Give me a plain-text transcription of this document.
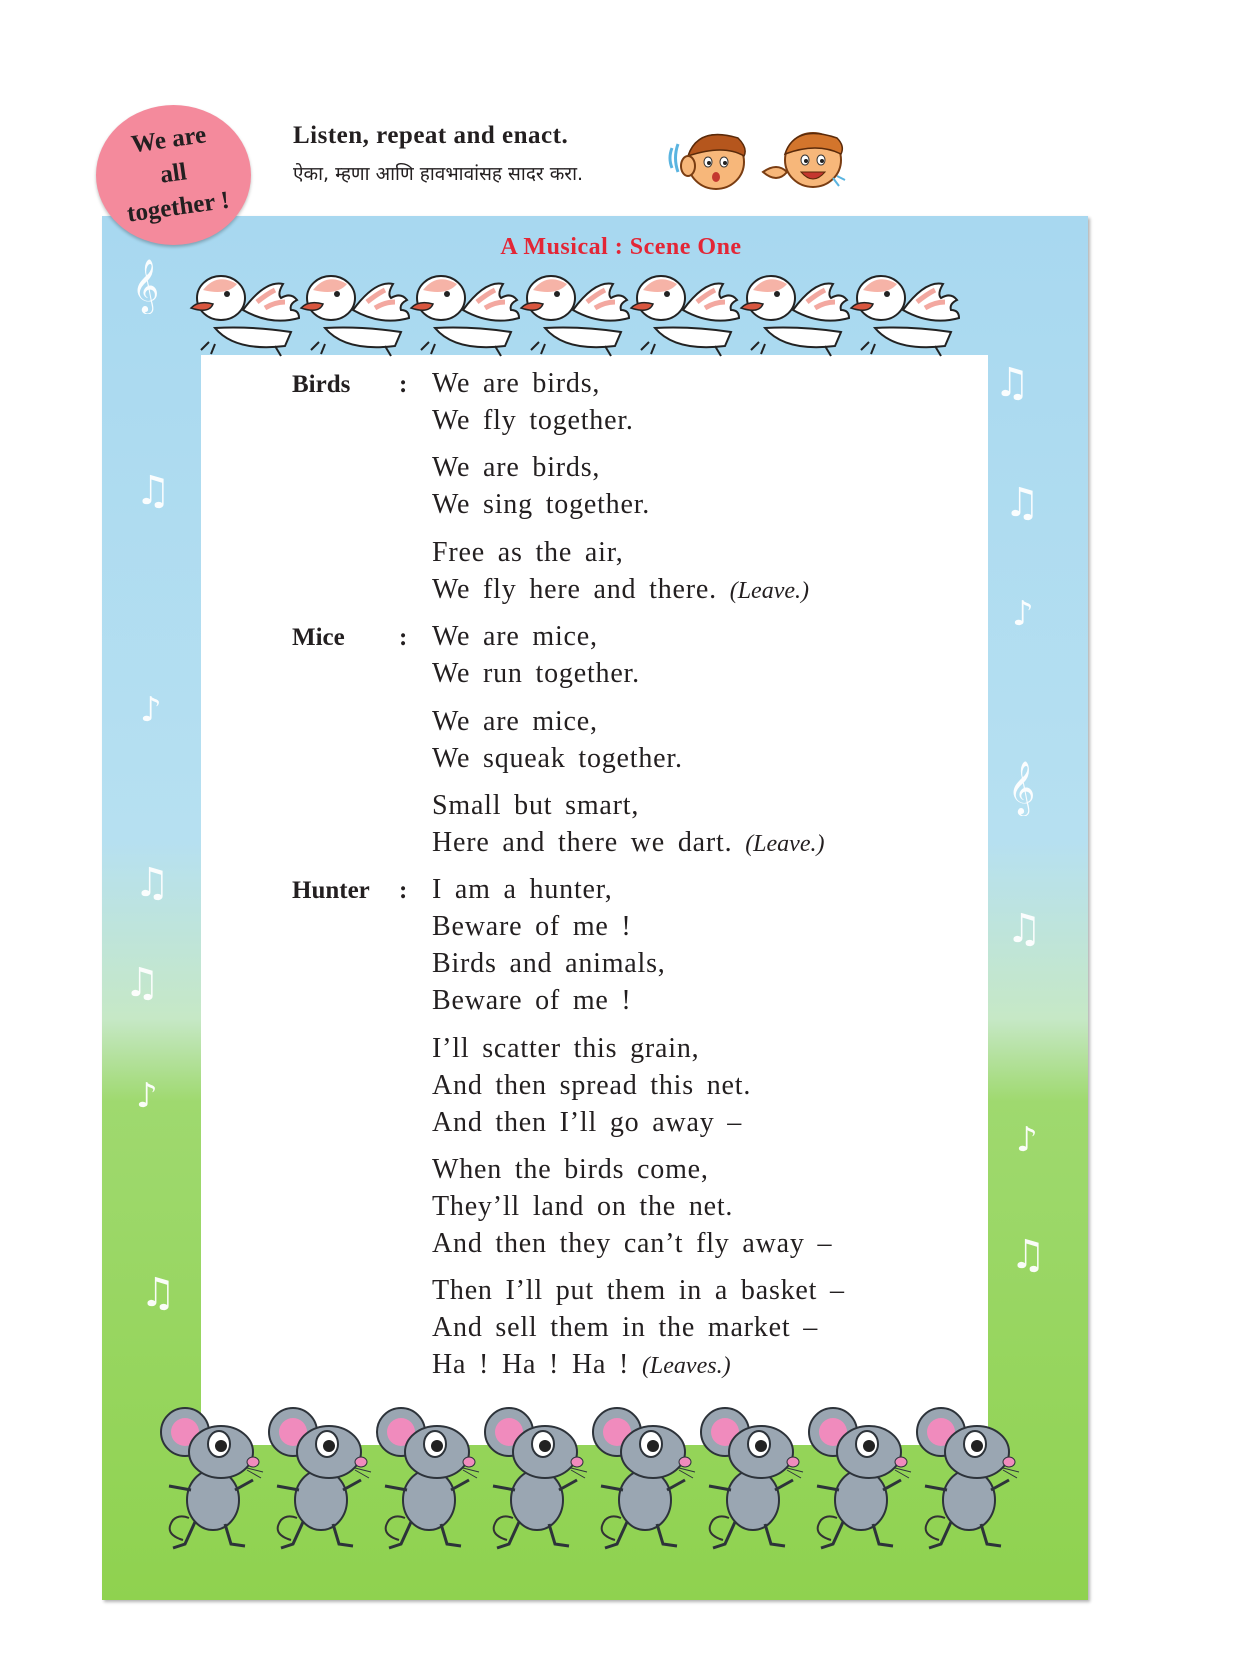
𝄞
♫
♪
♫
♫
♪
♫
♫
♫
♪
𝄞
♫
♪
♫
We are
all
together !
Listen, repeat and enact.
ऐका, म्हणा आणि हावभावांसह सादर करा.
A Musical : Scene One
Birds : We are birds,
We fly together.
We are birds,
We sing together.
Free as the air,
We fly here and there. (Leave.)
Mice : We are mice,
We run together.
We are mice,
We squeak together.
Small but smart,
Here and there we dart. (Leave.)
Hunter : I am a hunter,
Beware of me !
Birds and animals,
Beware of me !
I’ll scatter this grain,
And then spread this net.
And then I’ll go away –
When the birds come,
They’ll land on the net.
And then they can’t fly away –
Then I’ll put them in a basket –
And sell them in the market –
Ha ! Ha ! Ha ! (Leaves.)
